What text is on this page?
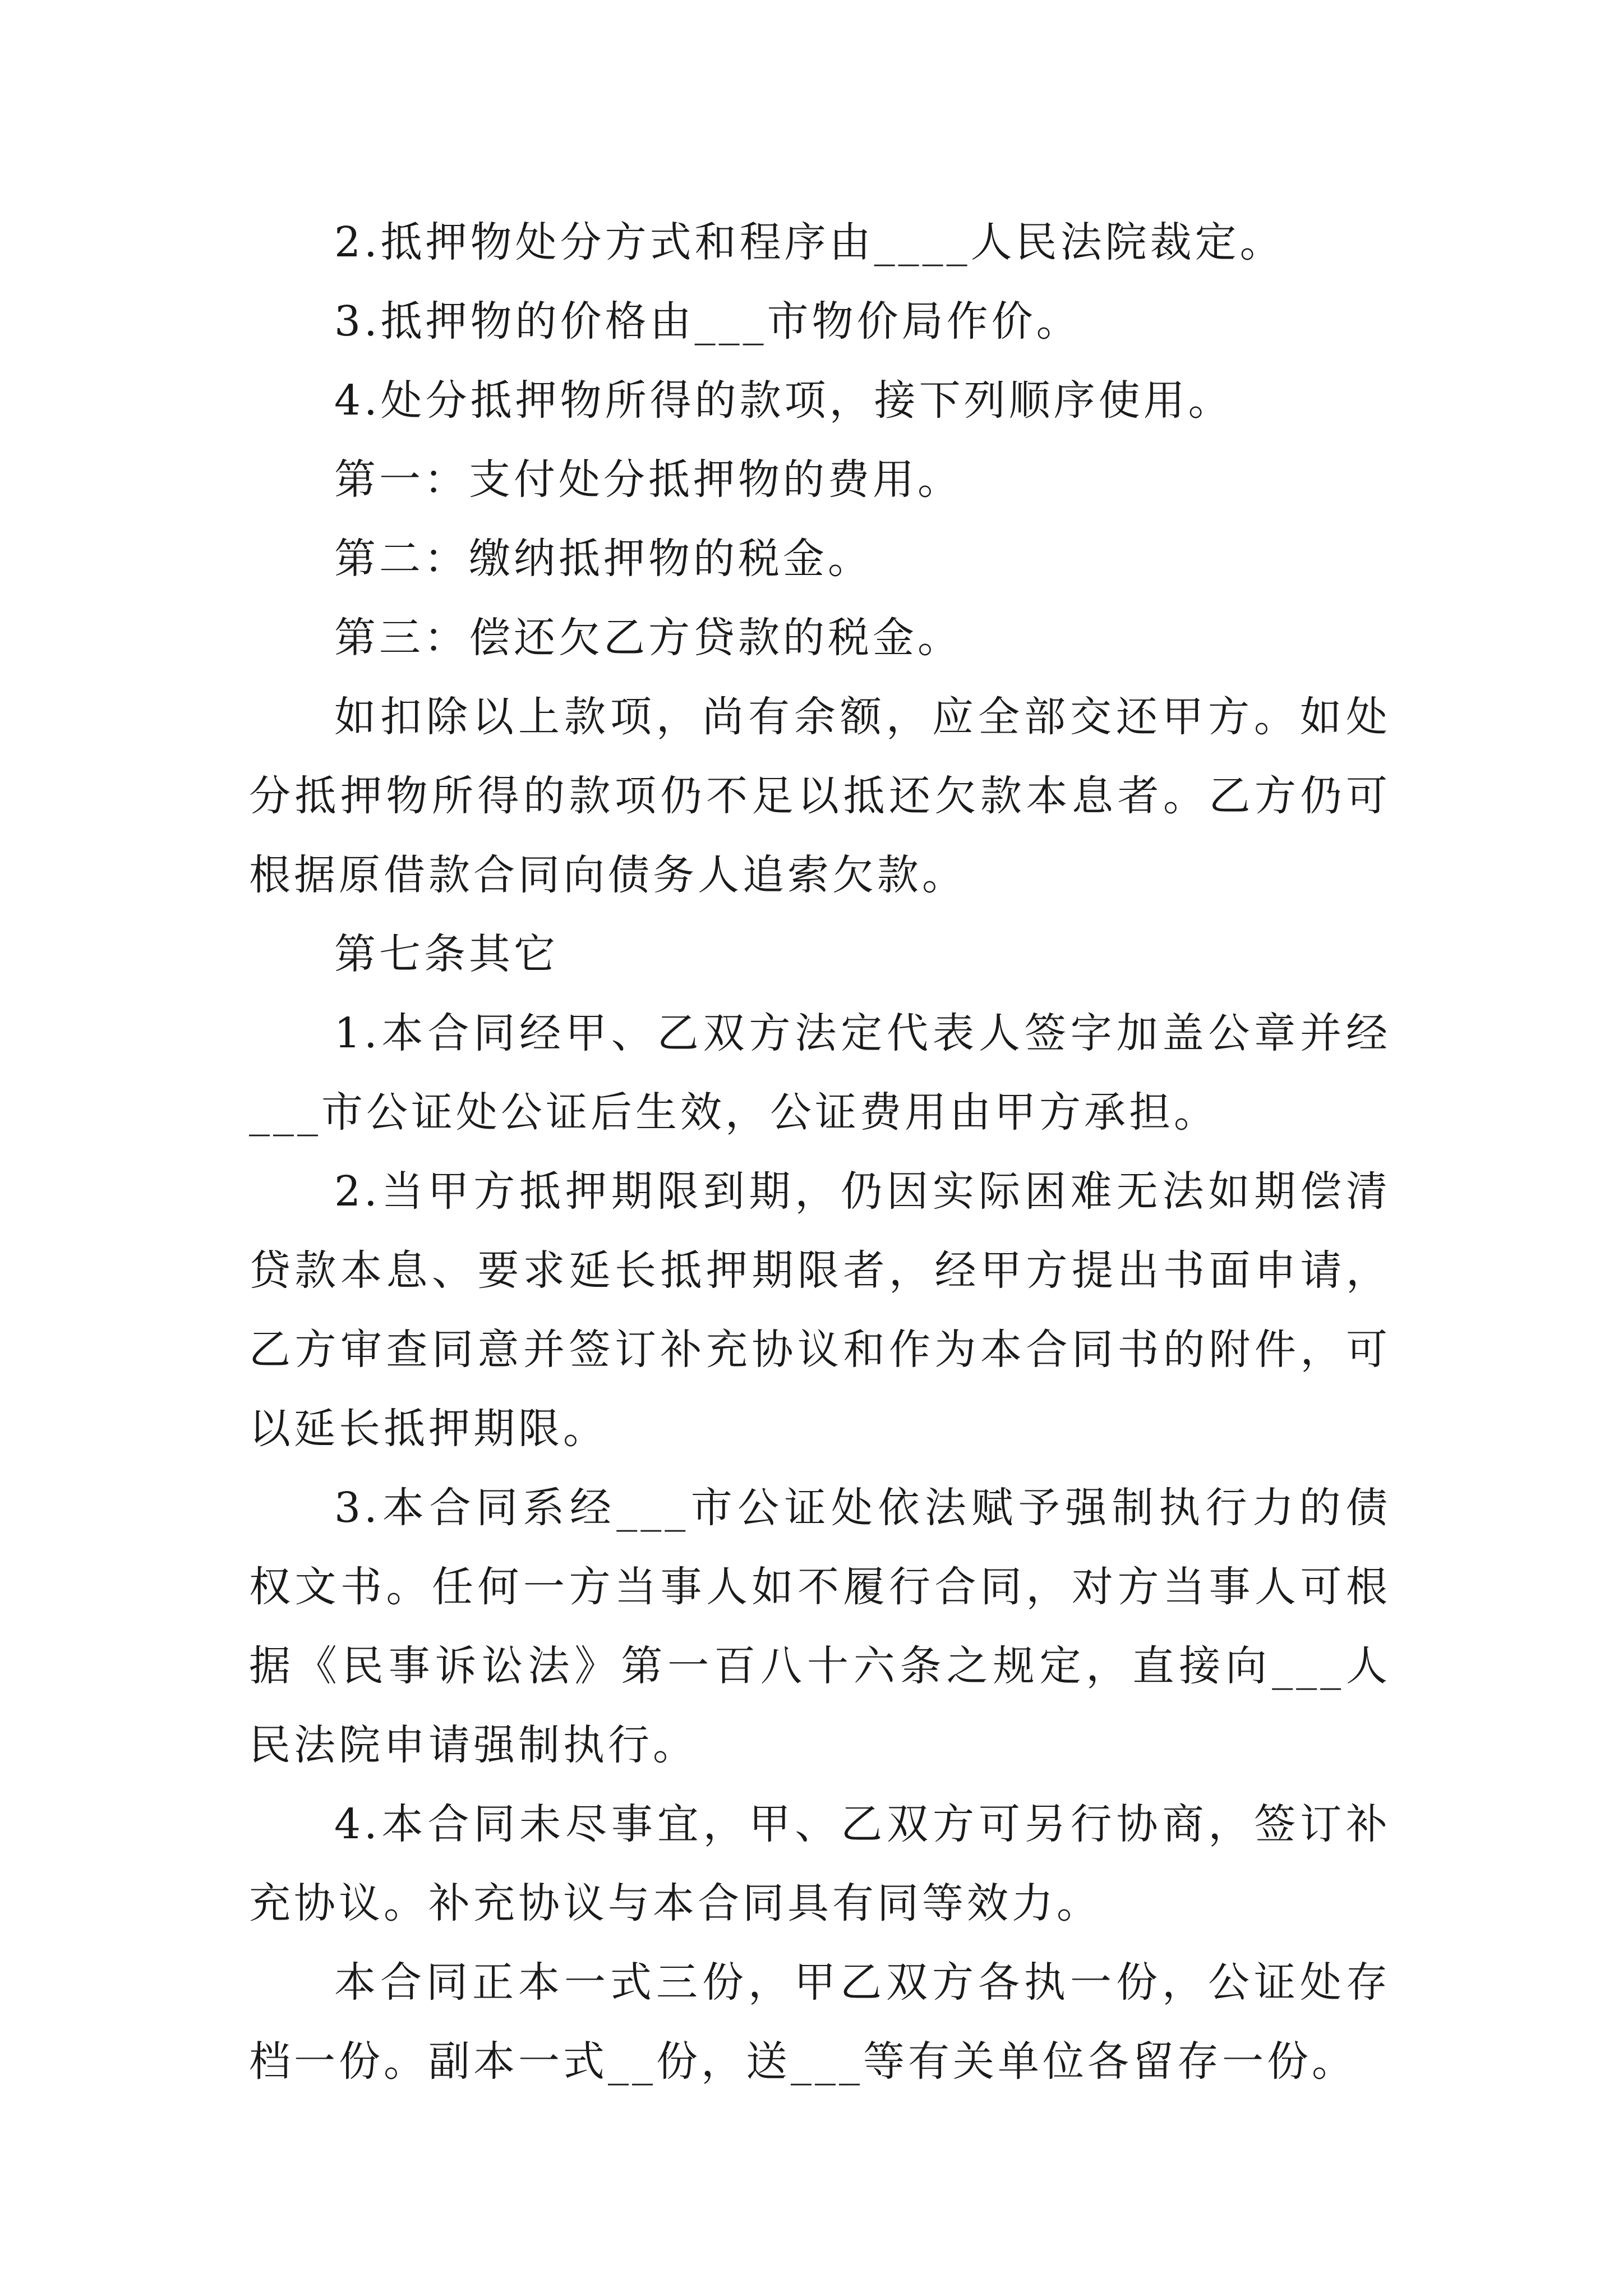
2.抵押物处分方式和程序由____人民法院裁定。

3.抵押物的价格由___市物价局作价。

4.处分抵押物所得的款项，接下列顺序使用。

第一：支付处分抵押物的费用。

第二：缴纳抵押物的税金。

第三：偿还欠乙方贷款的税金。

如扣除以上款项，尚有余额，应全部交还甲方。如处分抵押物所得的款项仍不足以抵还欠款本息者。乙方仍可根据原借款合同向债务人追索欠款。

第七条其它

1.本合同经甲、乙双方法定代表人签字加盖公章并经___市公证处公证后生效，公证费用由甲方承担。

2.当甲方抵押期限到期，仍因实际困难无法如期偿清贷款本息、要求延长抵押期限者，经甲方提出书面申请，乙方审查同意并签订补充协议和作为本合同书的附件，可以延长抵押期限。

3.本合同系经___市公证处依法赋予强制执行力的债权文书。任何一方当事人如不履行合同，对方当事人可根据《民事诉讼法》第一百八十六条之规定，直接向___人民法院申请强制执行。

4.本合同未尽事宜，甲、乙双方可另行协商，签订补充协议。补充协议与本合同具有同等效力。

本合同正本一式三份，甲乙双方各执一份，公证处存档一份。副本一式__份，送___等有关单位各留存一份。
